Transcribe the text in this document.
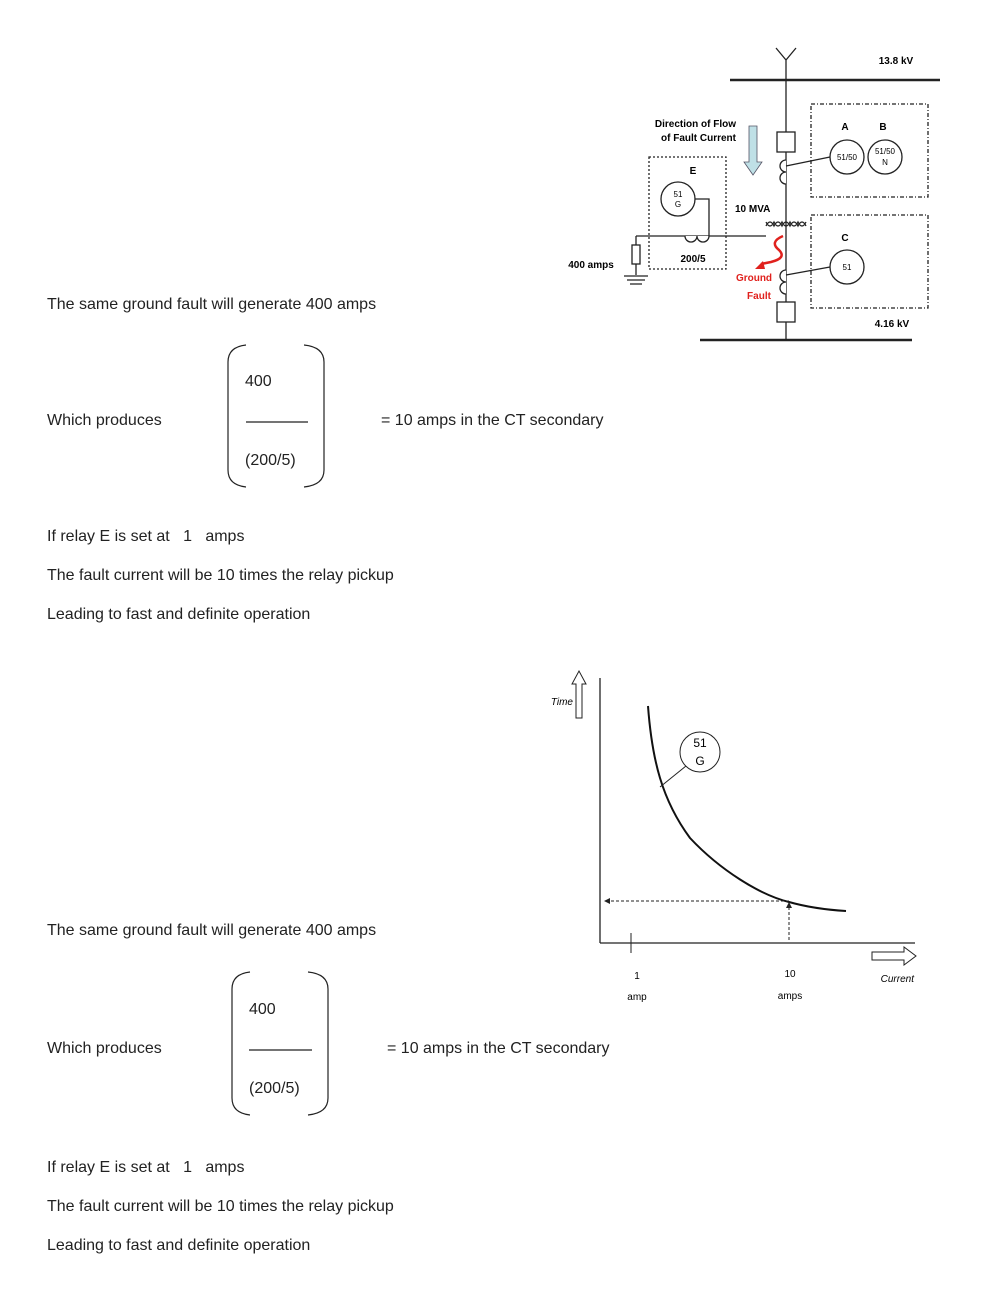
13.8 kV
4.16 kV
Direction of Flow
of Fault Current
E
51
G
200/5
10 MVA
400 amps
A	B
51/50
51/50
N
C
51
Ground
Fault
51
G
Time
Current
1
amp
10
amps
The same ground fault will generate 400 amps
Which produces
400
(200/5)
= 10 amps in the CT secondary
If relay E is set at 1 amps
The fault current will be 10 times the relay pickup
Leading to fast and definite operation
The same ground fault will generate 400 amps
Which produces
400
(200/5)
= 10 amps in the CT secondary
If relay E is set at 1 amps
The fault current will be 10 times the relay pickup
Leading to fast and definite operation
